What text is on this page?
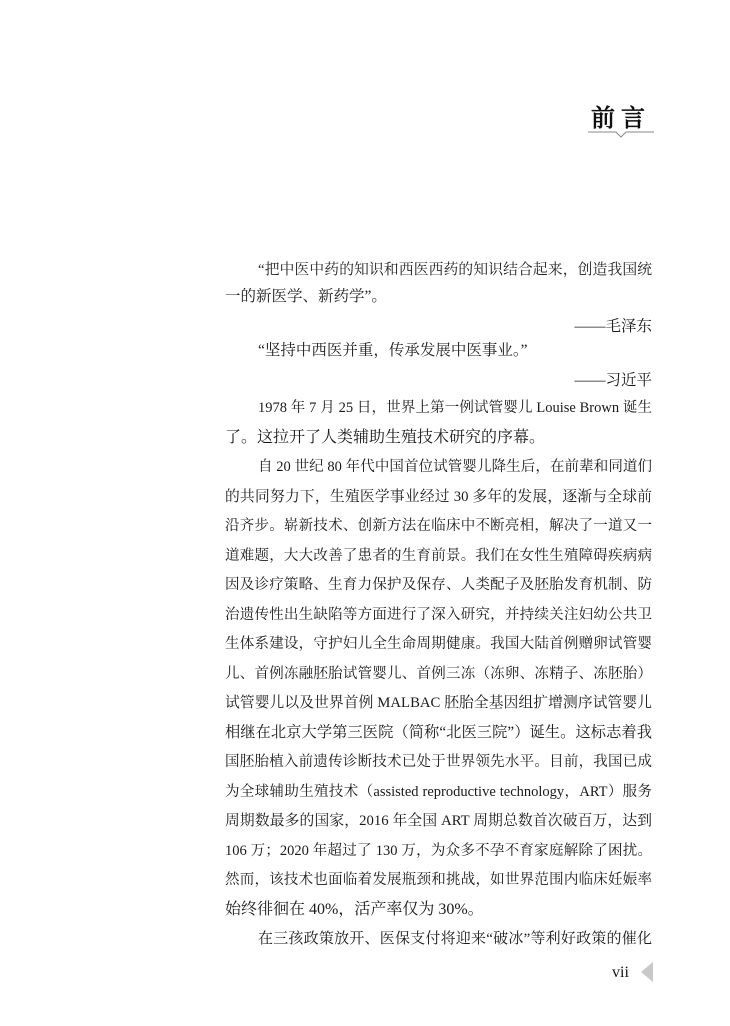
前言
“把中医中药的知识和西医西药的知识结合起来，创造我国统
一的新医学、新药学”。
——毛泽东
“坚持中西医并重，传承发展中医事业。”
——习近平
1978 年 7 月 25 日，世界上第一例试管婴儿 Louise Brown 诞生
了。这拉开了人类辅助生殖技术研究的序幕。
自 20 世纪 80 年代中国首位试管婴儿降生后，在前辈和同道们
的共同努力下，生殖医学事业经过 30 多年的发展，逐渐与全球前
沿齐步。崭新技术、创新方法在临床中不断亮相，解决了一道又一
道难题，大大改善了患者的生育前景。我们在女性生殖障碍疾病病
因及诊疗策略、生育力保护及保存、人类配子及胚胎发育机制、防
治遗传性出生缺陷等方面进行了深入研究，并持续关注妇幼公共卫
生体系建设，守护妇儿全生命周期健康。我国大陆首例赠卵试管婴
儿、首例冻融胚胎试管婴儿、首例三冻（冻卵、冻精子、冻胚胎）
试管婴儿以及世界首例 MALBAC 胚胎全基因组扩增测序试管婴儿
相继在北京大学第三医院（简称“北医三院”）诞生。这标志着我
国胚胎植入前遗传诊断技术已处于世界领先水平。目前，我国已成
为全球辅助生殖技术（assisted reproductive technology，ART）服务
周期数最多的国家，2016 年全国 ART 周期总数首次破百万，达到
106 万；2020 年超过了 130 万，为众多不孕不育家庭解除了困扰。
然而，该技术也面临着发展瓶颈和挑战，如世界范围内临床妊娠率
始终徘徊在 40%，活产率仅为 30%。
在三孩政策放开、医保支付将迎来“破冰”等利好政策的催化
vii
